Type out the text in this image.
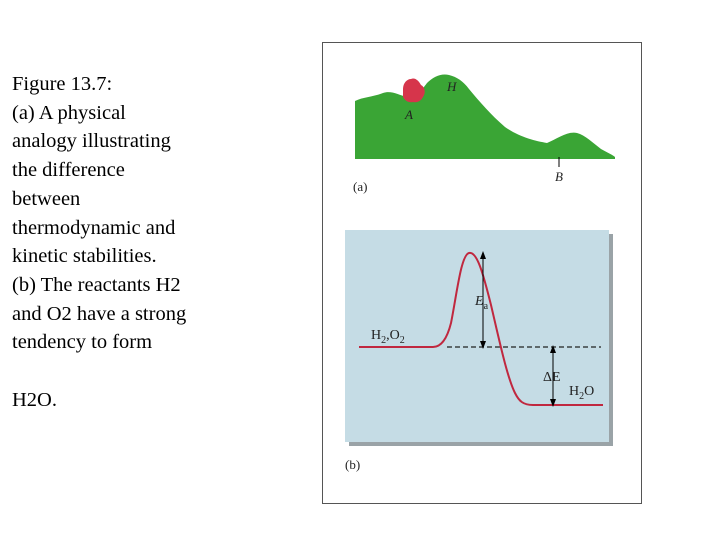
Figure 13.7:
(a) A physical
analogy illustrating
the difference
between
thermodynamic and
kinetic stabilities.
(b) The reactants H2
and O2 have a strong
tendency to form
H2O.
A
H
B
(a)
$E_a$
ΔE
$H_2,O_2$
$H_2O$
(b)
